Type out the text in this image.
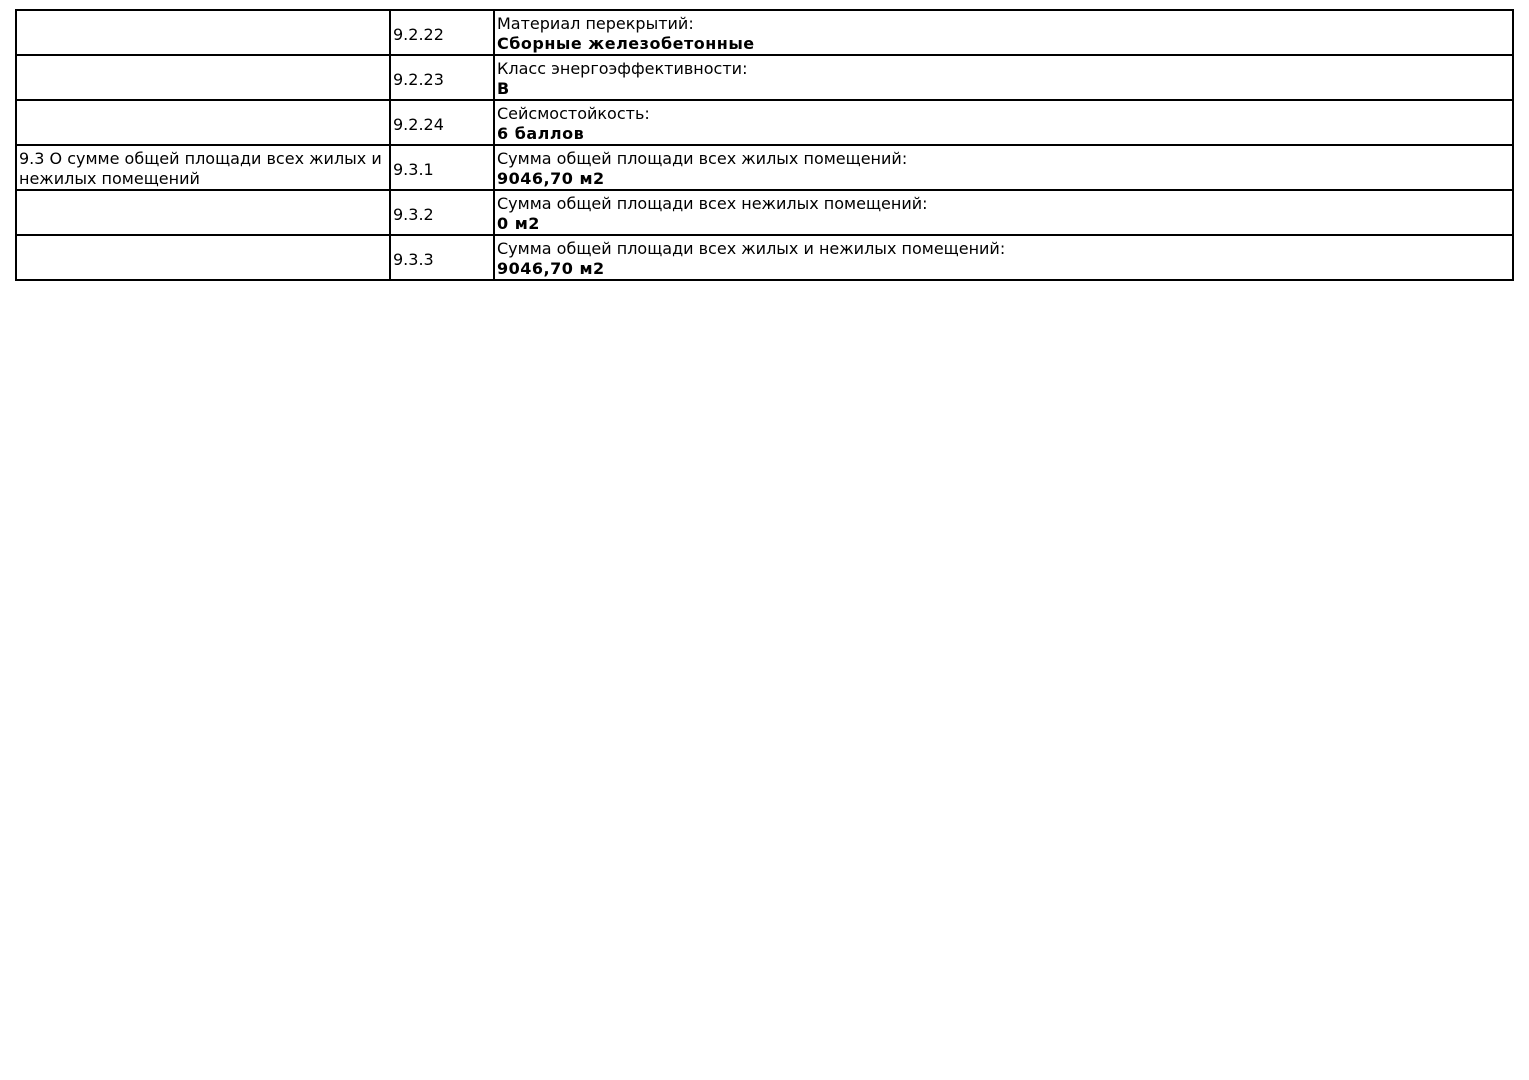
	9.2.22	Материал перекрытий:
Сборные железобетонные

	9.2.23	Класс энергоэффективности:
В

	9.2.24	Сейсмостойкость:
6 баллов

9.3 О сумме общей площади всех жилых и нежилых помещений	9.3.1	Сумма общей площади всех жилых помещений:
9046,70 м2

	9.3.2	Сумма общей площади всех нежилых помещений:
0 м2

	9.3.3	Сумма общей площади всех жилых и нежилых помещений:
9046,70 м2
